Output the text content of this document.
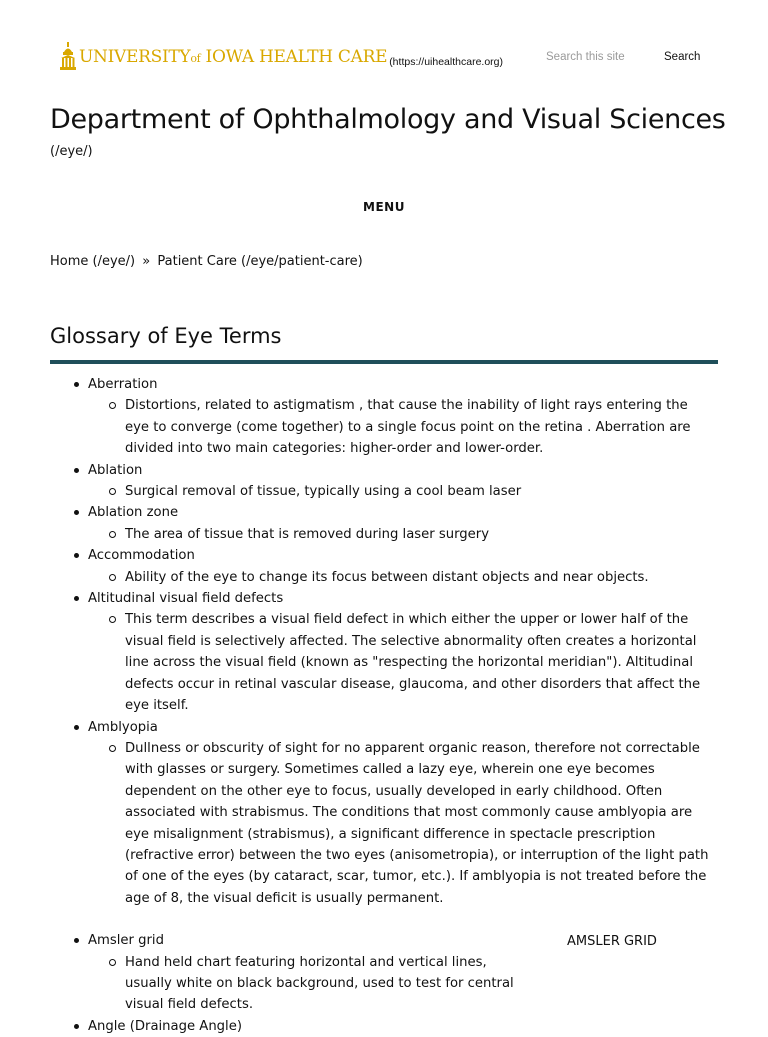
UNIVERSITYof IOWA HEALTH CARE (https://uihealthcare.org)
Search this site	Search
Department of Ophthalmology and Visual Sciences
(/eye/)
MENU
Home (/eye/) » Patient Care (/eye/patient-care)
Glossary of Eye Terms
Aberration
Distortions, related to astigmatism , that cause the inability of light rays entering the eye to converge (come together) to a single focus point on the retina . Aberration are divided into two main categories: higher-order and lower-order.
Ablation
Surgical removal of tissue, typically using a cool beam laser
Ablation zone
The area of tissue that is removed during laser surgery
Accommodation
Ability of the eye to change its focus between distant objects and near objects.
Altitudinal visual field defects
This term describes a visual field defect in which either the upper or lower half of the visual field is selectively affected. The selective abnormality often creates a horizontal line across the visual field (known as "respecting the horizontal meridian"). Altitudinal defects occur in retinal vascular disease, glaucoma, and other disorders that affect the eye itself.
Amblyopia
Dullness or obscurity of sight for no apparent organic reason, therefore not correctable with glasses or surgery. Sometimes called a lazy eye, wherein one eye becomes dependent on the other eye to focus, usually developed in early childhood. Often associated with strabismus. The conditions that most commonly cause amblyopia are eye misalignment (strabismus), a significant difference in spectacle prescription (refractive error) between the two eyes (anisometropia), or interruption of the light path of one of the eyes (by cataract, scar, tumor, etc.). If amblyopia is not treated before the age of 8, the visual deficit is usually permanent.
Amsler grid
Hand held chart featuring horizontal and vertical lines, usually white on black background, used to test for central visual field defects.
AMSLER GRID
Angle (Drainage Angle)
